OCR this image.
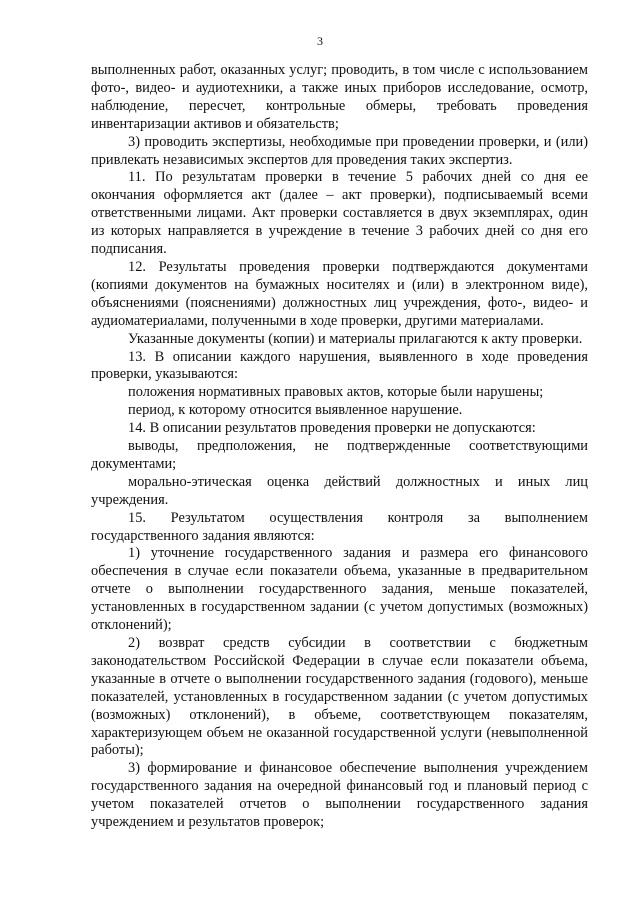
3

выполненных работ, оказанных услуг; проводить, в том числе с использованием фото-, видео- и аудиотехники, а также иных приборов исследование, осмотр, наблюдение, пересчет, контрольные обмеры, требовать проведения инвентаризации активов и обязательств;

3) проводить экспертизы, необходимые при проведении проверки, и (или) привлекать независимых экспертов для проведения таких экспертиз.

11. По результатам проверки в течение 5 рабочих дней со дня ее окончания оформляется акт (далее – акт проверки), подписываемый всеми ответственными лицами. Акт проверки составляется в двух экземплярах, один из которых направляется в учреждение в течение 3 рабочих дней со дня его подписания.

12. Результаты проведения проверки подтверждаются документами (копиями документов на бумажных носителях и (или) в электронном виде), объяснениями (пояснениями) должностных лиц учреждения, фото-, видео- и аудиоматериалами, полученными в ходе проверки, другими материалами.

Указанные документы (копии) и материалы прилагаются к акту проверки.

13. В описании каждого нарушения, выявленного в ходе проведения проверки, указываются:

положения нормативных правовых актов, которые были нарушены;

период, к которому относится выявленное нарушение.

14. В описании результатов проведения проверки не допускаются:

выводы, предположения, не подтвержденные соответствующими документами;

морально-этическая оценка действий должностных и иных лиц учреждения.

15. Результатом осуществления контроля за выполнением государственного задания являются:

1) уточнение государственного задания и размера его финансового обеспечения в случае если показатели объема, указанные в предварительном отчете о выполнении государственного задания, меньше показателей, установленных в государственном задании (с учетом допустимых (возможных) отклонений);

2) возврат средств субсидии в соответствии с бюджетным законодательством Российской Федерации в случае если показатели объема, указанные в отчете о выполнении государственного задания (годового), меньше показателей, установленных в государственном задании (с учетом допустимых (возможных) отклонений), в объеме, соответствующем показателям, характеризующем объем не оказанной государственной услуги (невыполненной работы);

3) формирование и финансовое обеспечение выполнения учреждением государственного задания на очередной финансовый год и плановый период с учетом показателей отчетов о выполнении государственного задания учреждением и результатов проверок;
